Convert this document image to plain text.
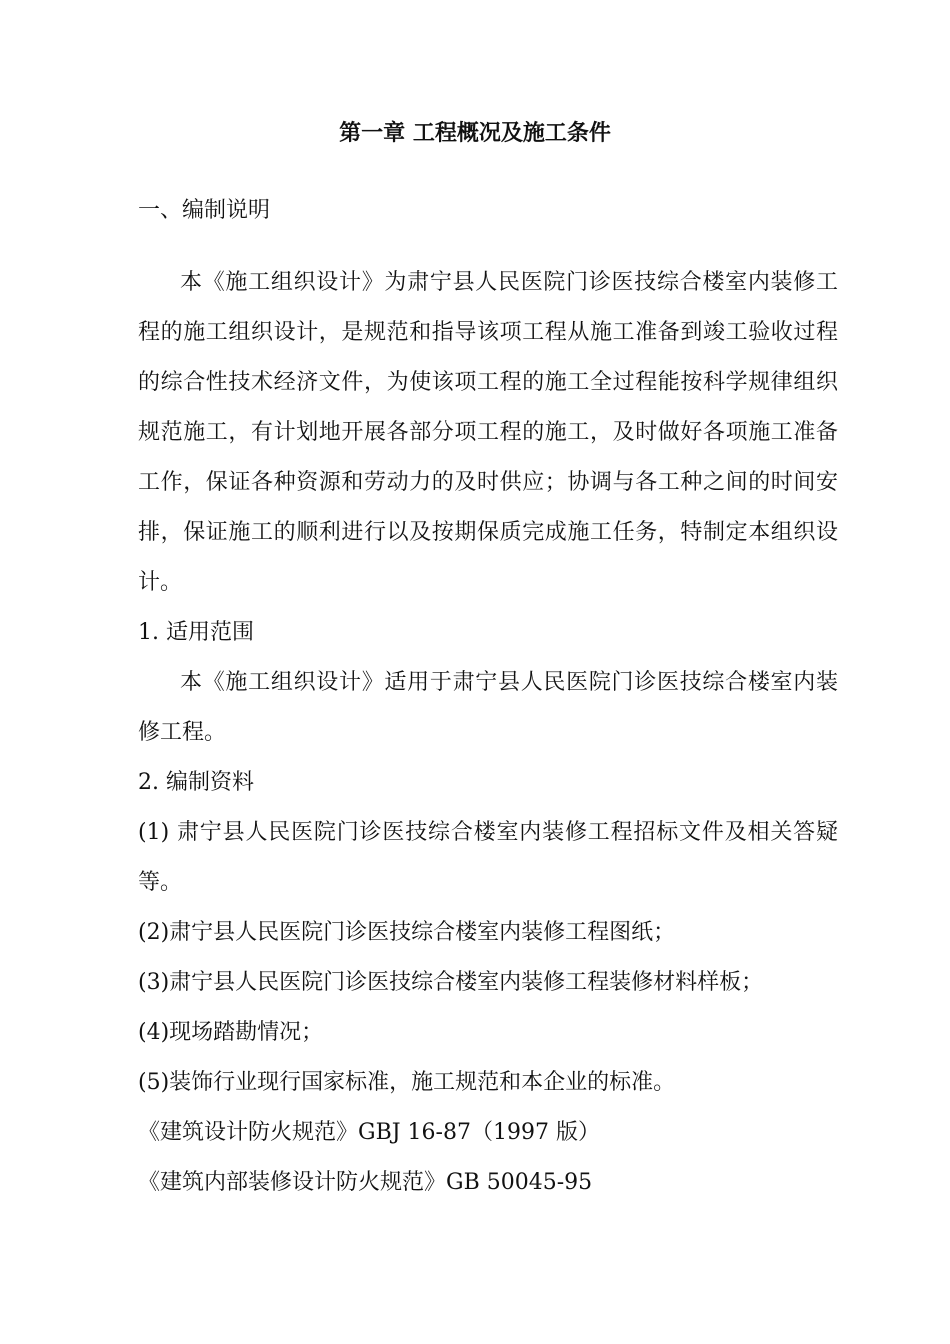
第一章 工程概况及施工条件

一、编制说明

本《施工组织设计》为肃宁县人民医院门诊医技综合楼室内装修工

程的施工组织设计，是规范和指导该项工程从施工准备到竣工验收过程

的综合性技术经济文件，为使该项工程的施工全过程能按科学规律组织

规范施工，有计划地开展各部分项工程的施工，及时做好各项施工准备

工作，保证各种资源和劳动力的及时供应；协调与各工种之间的时间安

排，保证施工的顺利进行以及按期保质完成施工任务，特制定本组织设

计。

1. 适用范围

本《施工组织设计》适用于肃宁县人民医院门诊医技综合楼室内装

修工程。

2. 编制资料

(1) 肃宁县人民医院门诊医技综合楼室内装修工程招标文件及相关答疑

等。

(2)肃宁县人民医院门诊医技综合楼室内装修工程图纸；

(3)肃宁县人民医院门诊医技综合楼室内装修工程装修材料样板；

(4)现场踏勘情况；

(5)装饰行业现行国家标准，施工规范和本企业的标准。

《建筑设计防火规范》GBJ 16-87（1997 版）

《建筑内部装修设计防火规范》GB 50045-95
